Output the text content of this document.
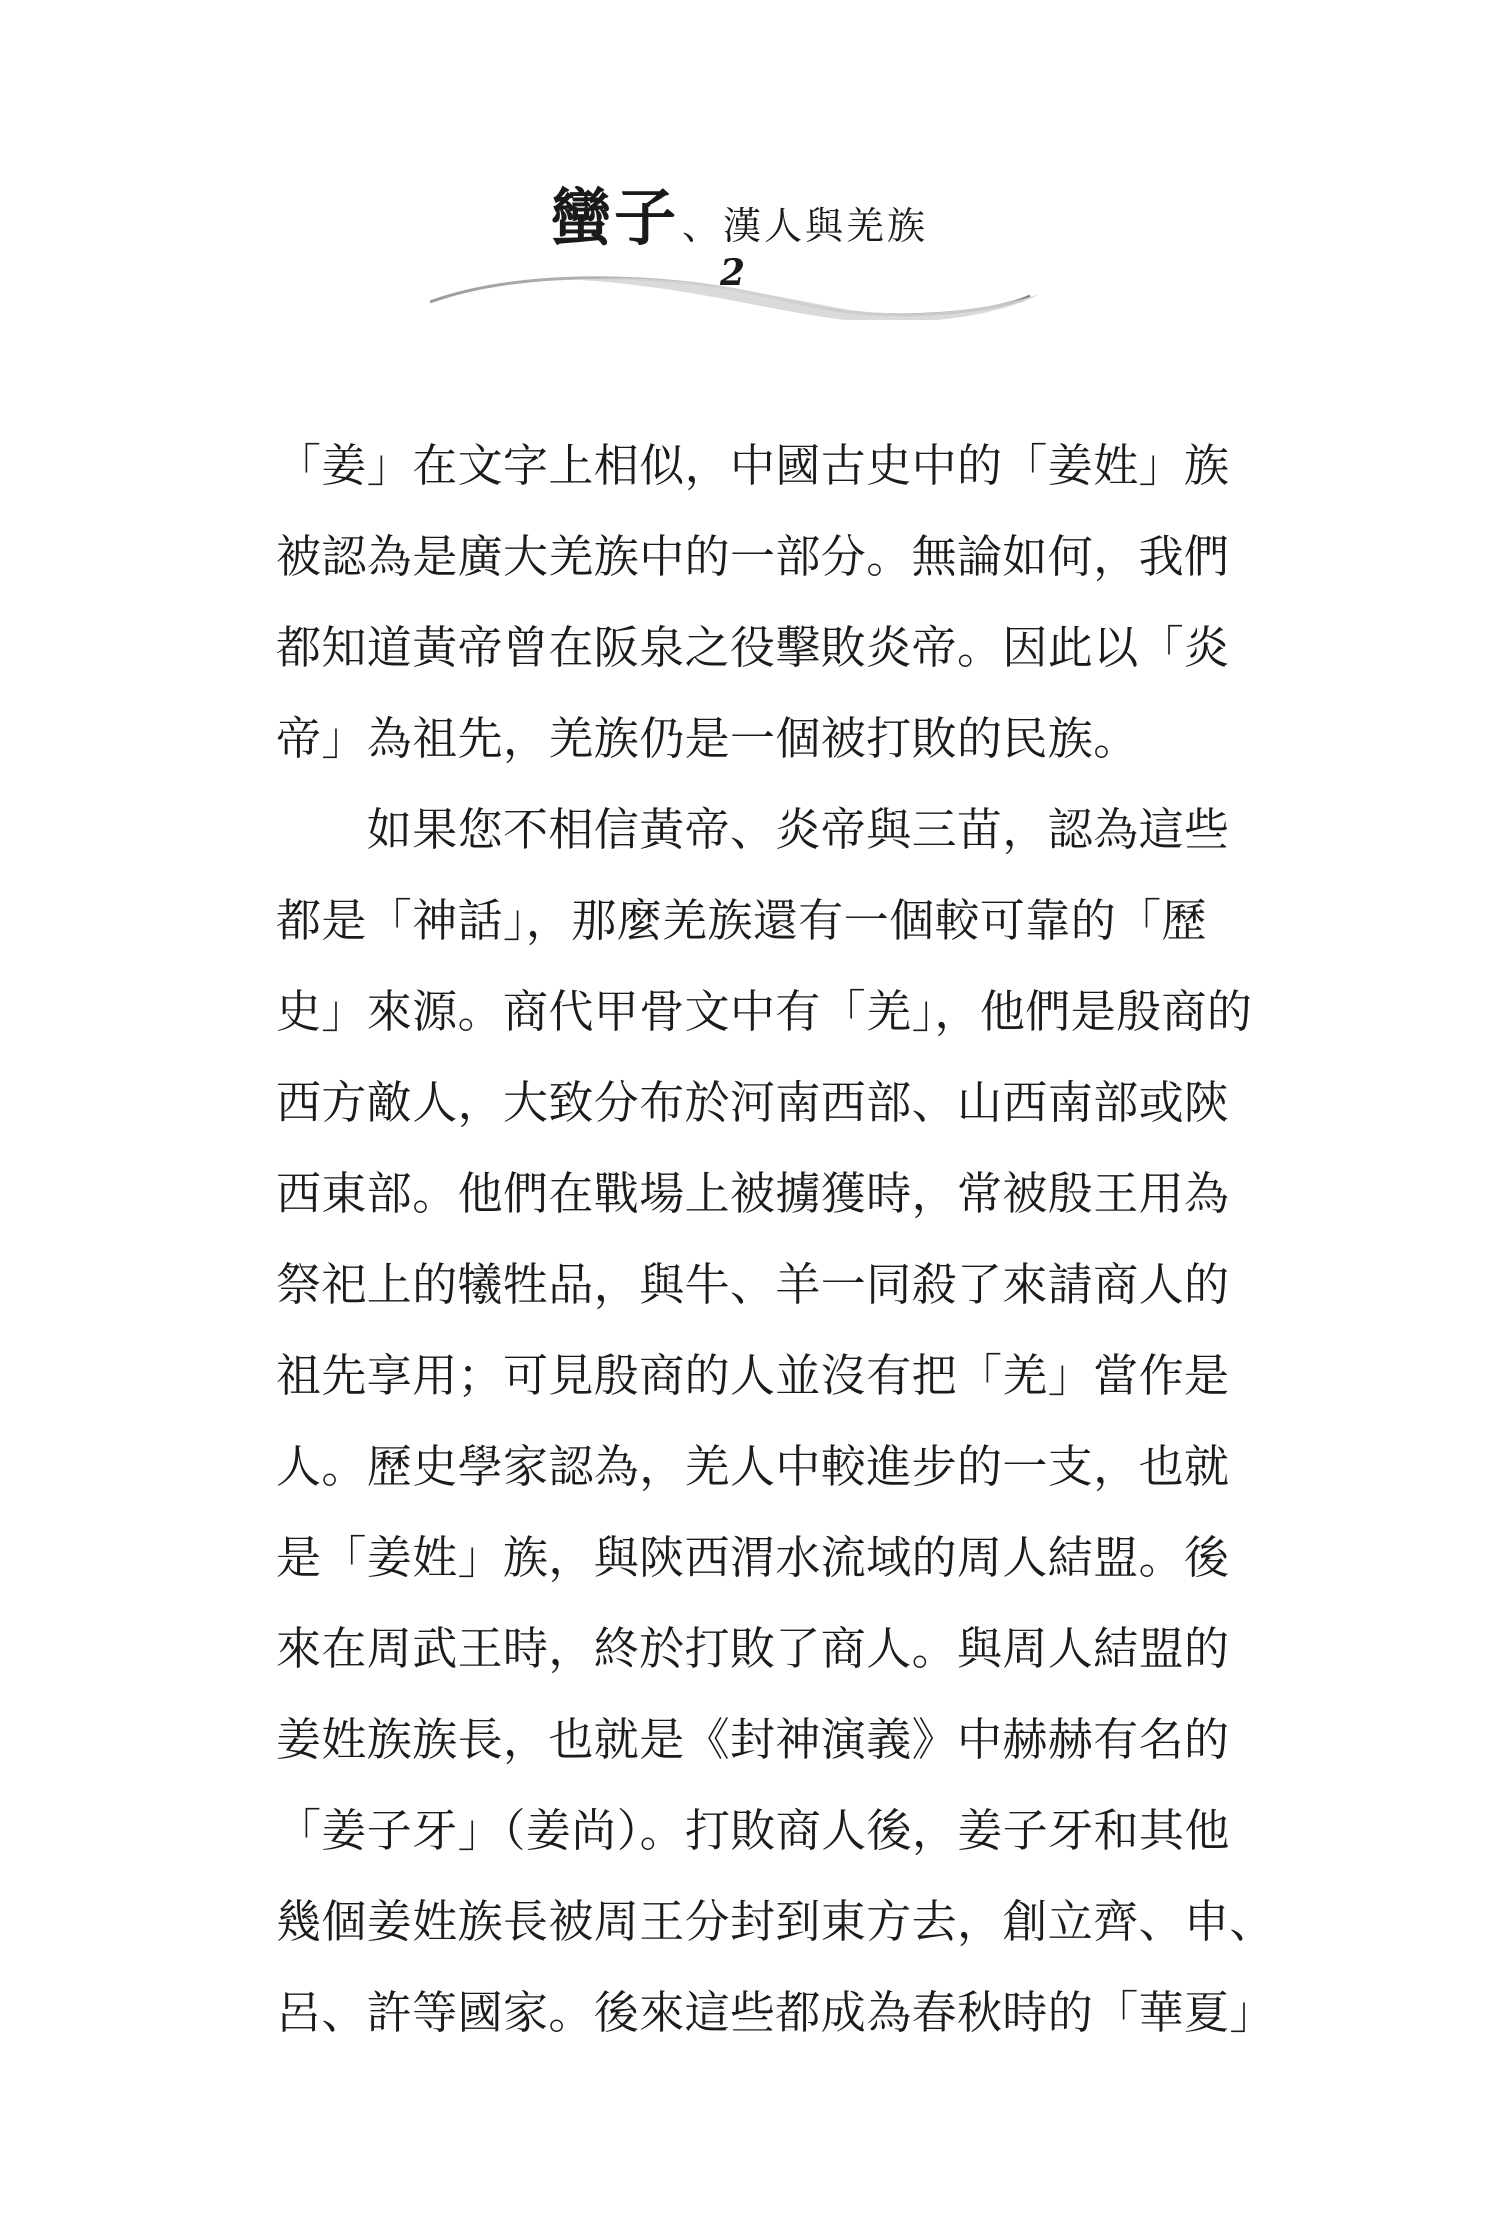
蠻子 、漢人與羌族
2
「姜」在文字上相似，中國古史中的「姜姓」族
被認為是廣大羌族中的一部分。無論如何，我們
都知道黃帝曾在阪泉之役擊敗炎帝。因此以「炎
帝」為祖先，羌族仍是一個被打敗的民族。
　　如果您不相信黃帝、炎帝與三苗，認為這些
都是「神話」，那麼羌族還有一個較可靠的「歷
史」來源。商代甲骨文中有「羌」，他們是殷商的
西方敵人，大致分布於河南西部、山西南部或陝
西東部。他們在戰場上被擄獲時，常被殷王用為
祭祀上的犧牲品，與牛、羊一同殺了來請商人的
祖先享用；可見殷商的人並沒有把「羌」當作是
人。歷史學家認為，羌人中較進步的一支，也就
是「姜姓」族，與陝西渭水流域的周人結盟。後
來在周武王時，終於打敗了商人。與周人結盟的
姜姓族族長，也就是《封神演義》中赫赫有名的
「姜子牙」（姜尚）。打敗商人後，姜子牙和其他
幾個姜姓族長被周王分封到東方去，創立齊、申、
呂、許等國家。後來這些都成為春秋時的「華夏」
